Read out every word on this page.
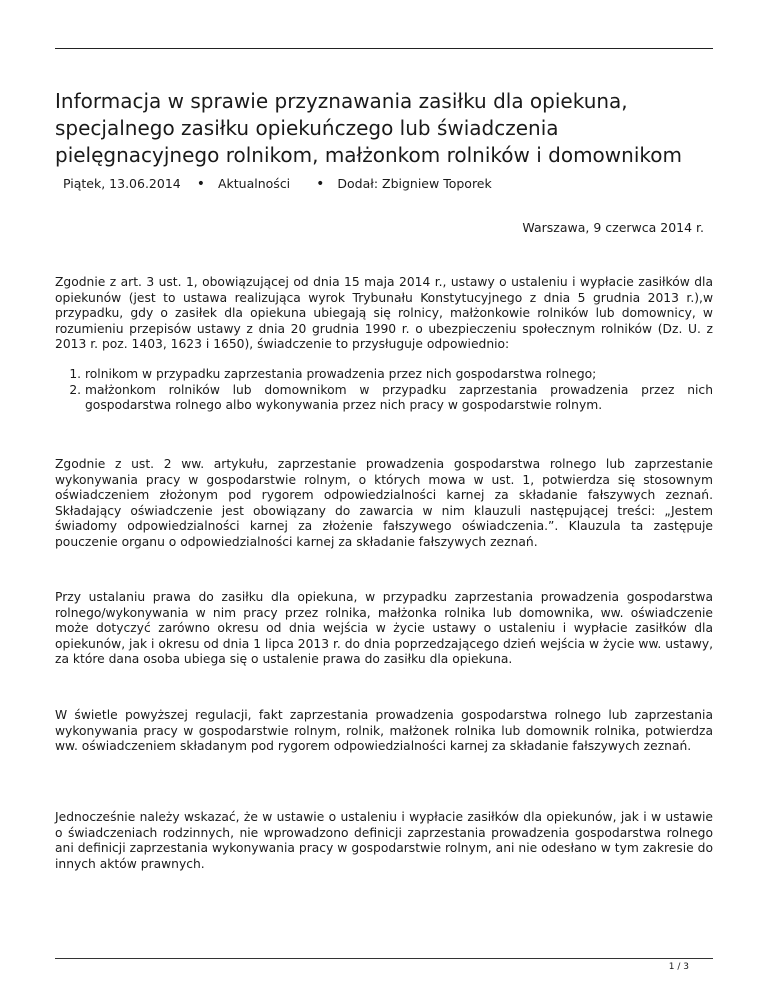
Informacja w sprawie przyznawania zasiłku dla opiekuna, specjalnego zasiłku opiekuńczego lub świadczenia pielęgnacyjnego rolnikom, małżonkom rolników i domownikom
Piątek, 13.06.2014 • Aktualności • Dodał: Zbigniew Toporek
Warszawa, 9 czerwca 2014 r.

Zgodnie z art. 3 ust. 1, obowiązującej od dnia 15 maja 2014 r., ustawy o ustaleniu i wypłacie zasiłków dla opiekunów (jest to ustawa realizująca wyrok Trybunału Konstytucyjnego z dnia 5 grudnia 2013 r.),w przypadku, gdy o zasiłek dla opiekuna ubiegają się rolnicy, małżonkowie rolników lub domownicy, w rozumieniu przepisów ustawy z dnia 20 grudnia 1990 r. o ubezpieczeniu społecznym rolników (Dz. U. z 2013 r. poz. 1403, 1623 i 1650), świadczenie to przysługuje odpowiednio:

1. rolnikom w przypadku zaprzestania prowadzenia przez nich gospodarstwa rolnego;
2. małżonkom rolników lub domownikom w przypadku zaprzestania prowadzenia przez nich gospodarstwa rolnego albo wykonywania przez nich pracy w gospodarstwie rolnym.

Zgodnie z ust. 2 ww. artykułu, zaprzestanie prowadzenia gospodarstwa rolnego lub zaprzestanie wykonywania pracy w gospodarstwie rolnym, o których mowa w ust. 1, potwierdza się stosownym oświadczeniem złożonym pod rygorem odpowiedzialności karnej za składanie fałszywych zeznań. Składający oświadczenie jest obowiązany do zawarcia w nim klauzuli następującej treści: „Jestem świadomy odpowiedzialności karnej za złożenie fałszywego oświadczenia.”. Klauzula ta zastępuje pouczenie organu o odpowiedzialności karnej za składanie fałszywych zeznań.

Przy ustalaniu prawa do zasiłku dla opiekuna, w przypadku zaprzestania prowadzenia gospodarstwa rolnego/wykonywania w nim pracy przez rolnika, małżonka rolnika lub domownika, ww. oświadczenie może dotyczyć zarówno okresu od dnia wejścia w życie ustawy o ustaleniu i wypłacie zasiłków dla opiekunów, jak i okresu od dnia 1 lipca 2013 r. do dnia poprzedzającego dzień wejścia w życie ww. ustawy, za które dana osoba ubiega się o ustalenie prawa do zasiłku dla opiekuna.

W świetle powyższej regulacji, fakt zaprzestania prowadzenia gospodarstwa rolnego lub zaprzestania wykonywania pracy w gospodarstwie rolnym, rolnik, małżonek rolnika lub domownik rolnika, potwierdza ww. oświadczeniem składanym pod rygorem odpowiedzialności karnej za składanie fałszywych zeznań.

Jednocześnie należy wskazać, że w ustawie o ustaleniu i wypłacie zasiłków dla opiekunów, jak i w ustawie o świadczeniach rodzinnych, nie wprowadzono definicji zaprzestania prowadzenia gospodarstwa rolnego ani definicji zaprzestania wykonywania pracy w gospodarstwie rolnym, ani nie odesłano w tym zakresie do innych aktów prawnych.

1 / 3
